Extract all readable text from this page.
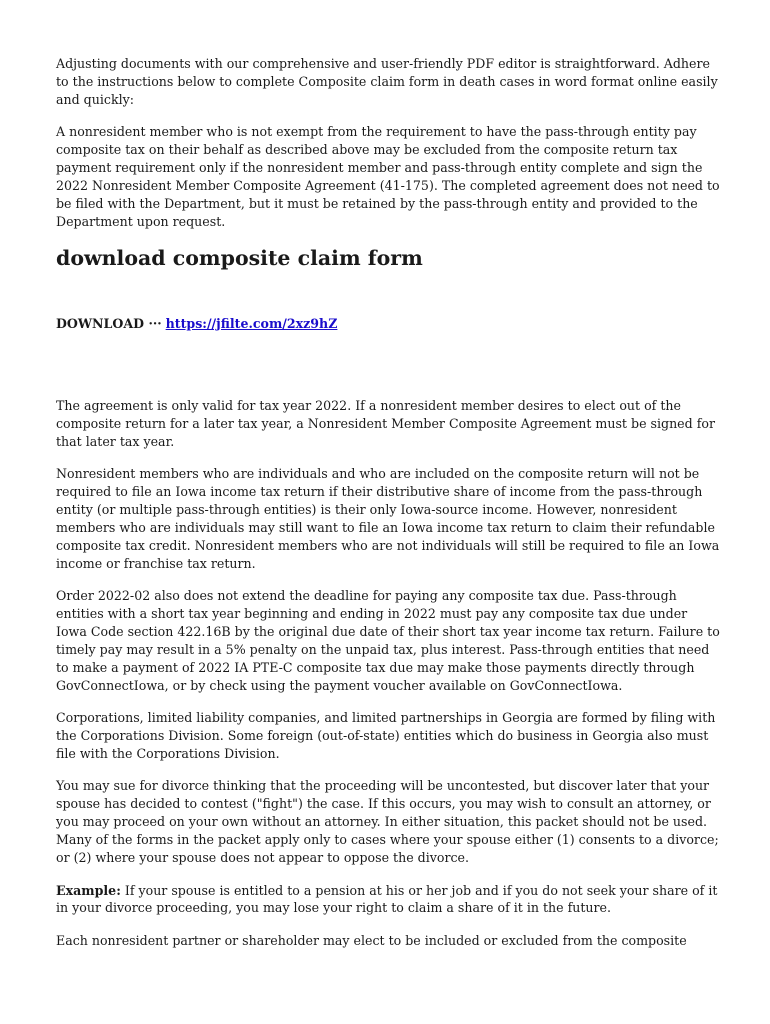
Adjusting documents with our comprehensive and user-friendly PDF editor is straightforward. Adhere to the instructions below to complete Composite claim form in death cases in word format online easily and quickly:

A nonresident member who is not exempt from the requirement to have the pass-through entity pay composite tax on their behalf as described above may be excluded from the composite return tax payment requirement only if the nonresident member and pass-through entity complete and sign the 2022 Nonresident Member Composite Agreement (41-175). The completed agreement does not need to be filed with the Department, but it must be retained by the pass-through entity and provided to the Department upon request.

download composite claim form
DOWNLOAD ··· https://jfilte.com/2xz9hZ

The agreement is only valid for tax year 2022. If a nonresident member desires to elect out of the composite return for a later tax year, a Nonresident Member Composite Agreement must be signed for that later tax year.

Nonresident members who are individuals and who are included on the composite return will not be required to file an Iowa income tax return if their distributive share of income from the pass-through entity (or multiple pass-through entities) is their only Iowa-source income. However, nonresident members who are individuals may still want to file an Iowa income tax return to claim their refundable composite tax credit. Nonresident members who are not individuals will still be required to file an Iowa income or franchise tax return.

Order 2022-02 also does not extend the deadline for paying any composite tax due. Pass-through entities with a short tax year beginning and ending in 2022 must pay any composite tax due under Iowa Code section 422.16B by the original due date of their short tax year income tax return. Failure to timely pay may result in a 5% penalty on the unpaid tax, plus interest. Pass-through entities that need to make a payment of 2022 IA PTE-C composite tax due may make those payments directly through GovConnectIowa, or by check using the payment voucher available on GovConnectIowa.

Corporations, limited liability companies, and limited partnerships in Georgia are formed by filing with the Corporations Division. Some foreign (out-of-state) entities which do business in Georgia also must file with the Corporations Division.

You may sue for divorce thinking that the proceeding will be uncontested, but discover later that your spouse has decided to contest ("fight") the case. If this occurs, you may wish to consult an attorney, or you may proceed on your own without an attorney. In either situation, this packet should not be used. Many of the forms in the packet apply only to cases where your spouse either (1) consents to a divorce; or (2) where your spouse does not appear to oppose the divorce.

Example: If your spouse is entitled to a pension at his or her job and if you do not seek your share of it in your divorce proceeding, you may lose your right to claim a share of it in the future.

Each nonresident partner or shareholder may elect to be included or excluded from the composite
